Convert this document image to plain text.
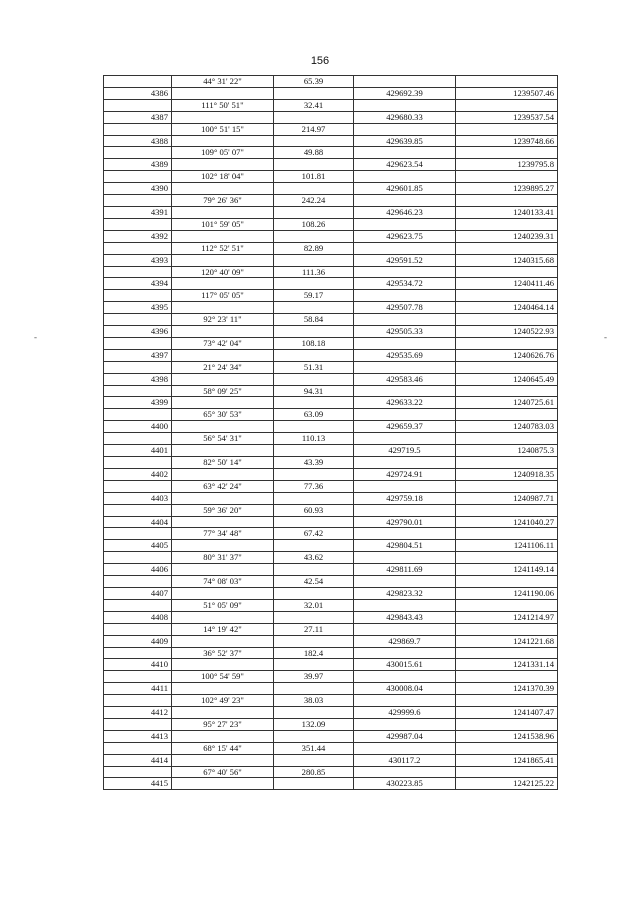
156
-	-
	44° 31' 22"	65.39		
4386			429692.39	1239507.46
	111° 50' 51"	32.41		
4387			429680.33	1239537.54
	100° 51' 15"	214.97		
4388			429639.85	1239748.66
	109° 05' 07"	49.88		
4389			429623.54	1239795.8
	102° 18' 04"	101.81		
4390			429601.85	1239895.27
	79° 26' 36"	242.24		
4391			429646.23	1240133.41
	101° 59' 05"	108.26		
4392			429623.75	1240239.31
	112° 52' 51"	82.89		
4393			429591.52	1240315.68
	120° 40' 09"	111.36		
4394			429534.72	1240411.46
	117° 05' 05"	59.17		
4395			429507.78	1240464.14
	92° 23' 11"	58.84		
4396			429505.33	1240522.93
	73° 42' 04"	108.18		
4397			429535.69	1240626.76
	21° 24' 34"	51.31		
4398			429583.46	1240645.49
	58° 09' 25"	94.31		
4399			429633.22	1240725.61
	65° 30' 53"	63.09		
4400			429659.37	1240783.03
	56° 54' 31"	110.13		
4401			429719.5	1240875.3
	82° 50' 14"	43.39		
4402			429724.91	1240918.35
	63° 42' 24"	77.36		
4403			429759.18	1240987.71
	59° 36' 20"	60.93		
4404			429790.01	1241040.27
	77° 34' 48"	67.42		
4405			429804.51	1241106.11
	80° 31' 37"	43.62		
4406			429811.69	1241149.14
	74° 08' 03"	42.54		
4407			429823.32	1241190.06
	51° 05' 09"	32.01		
4408			429843.43	1241214.97
	14° 19' 42"	27.11		
4409			429869.7	1241221.68
	36° 52' 37"	182.4		
4410			430015.61	1241331.14
	100° 54' 59"	39.97		
4411			430008.04	1241370.39
	102° 49' 23"	38.03		
4412			429999.6	1241407.47
	95° 27' 23"	132.09		
4413			429987.04	1241538.96
	68° 15' 44"	351.44		
4414			430117.2	1241865.41
	67° 40' 56"	280.85		
4415			430223.85	1242125.22
